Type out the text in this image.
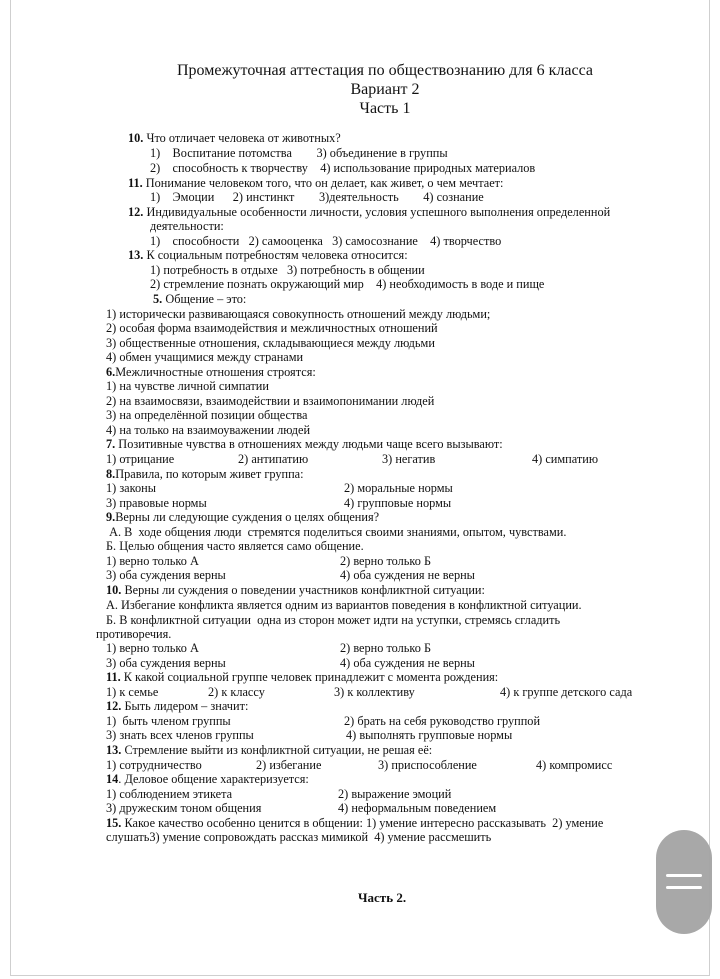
Промежуточная аттестация по обществознанию для 6 класса
Вариант 2
Часть 1
10. Что отличает человека от животных?
1)    Воспитание потомства        3) объединение в группы
2)    способность к творчеству    4) использование природных материалов
11. Понимание человеком того, что он делает, как живет, о чем мечтает:
1)    Эмоции      2) инстинкт        3)деятельность        4) сознание
12. Индивидуальные особенности личности, условия успешного выполнения определенной
деятельности:
1)    способности   2) самооценка   3) самосознание    4) творчество
13. К социальным потребностям человека относится:
1) потребность в отдыхе   3) потребность в общении
2) стремление познать окружающий мир    4) необходимость в воде и пище
5. Общение – это:
1) исторически развивающаяся совокупность отношений между людьми;
2) особая форма взаимодействия и межличностных отношений
3) общественные отношения, складывающиеся между людьми
4) обмен учащимися между странами
6.Межличностные отношения строятся:
1) на чувстве личной симпатии
2) на взаимосвязи, взаимодействии и взаимопонимании людей
3) на определённой позиции общества
4) на только на взаимоуважении людей
7. Позитивные чувства в отношениях между людьми чаще всего вызывают:
1) отрицание	2) антипатию	3) негатив	4) симпатию
8.Правила, по которым живет группа:
1) законы	2) моральные нормы
3) правовые нормы	4) групповые нормы
9.Верны ли следующие суждения о целях общения?
А. В  ходе общения люди  стремятся поделиться своими знаниями, опытом, чувствами.
Б. Целью общения часто является само общение.
1) верно только А	2) верно только Б
3) оба суждения верны	4) оба суждения не верны
10. Верны ли суждения о поведении участников конфликтной ситуации:
А. Избегание конфликта является одним из вариантов поведения в конфликтной ситуации.
Б. В конфликтной ситуации  одна из сторон может идти на уступки, стремясь сгладить
противоречия.
1) верно только А	2) верно только Б
3) оба суждения верны	4) оба суждения не верны
11. К какой социальной группе человек принадлежит с момента рождения:
1) к семье	2) к классу	3) к коллективу	4) к группе детского сада
12. Быть лидером – значит:
1)  быть членом группы	2) брать на себя руководство группой
3) знать всех членов группы	4) выполнять групповые нормы
13. Стремление выйти из конфликтной ситуации, не решая её:
1) сотрудничество	2) избегание	3) приспособление	4) компромисс
14. Деловое общение характеризуется:
1) соблюдением этикета	2) выражение эмоций
3) дружеским тоном общения	4) неформальным поведением
15. Какое качество особенно ценится в общении: 1) умение интересно рассказывать  2) умение
слушать3) умение сопровождать рассказ мимикой  4) умение рассмешить
Часть 2.
